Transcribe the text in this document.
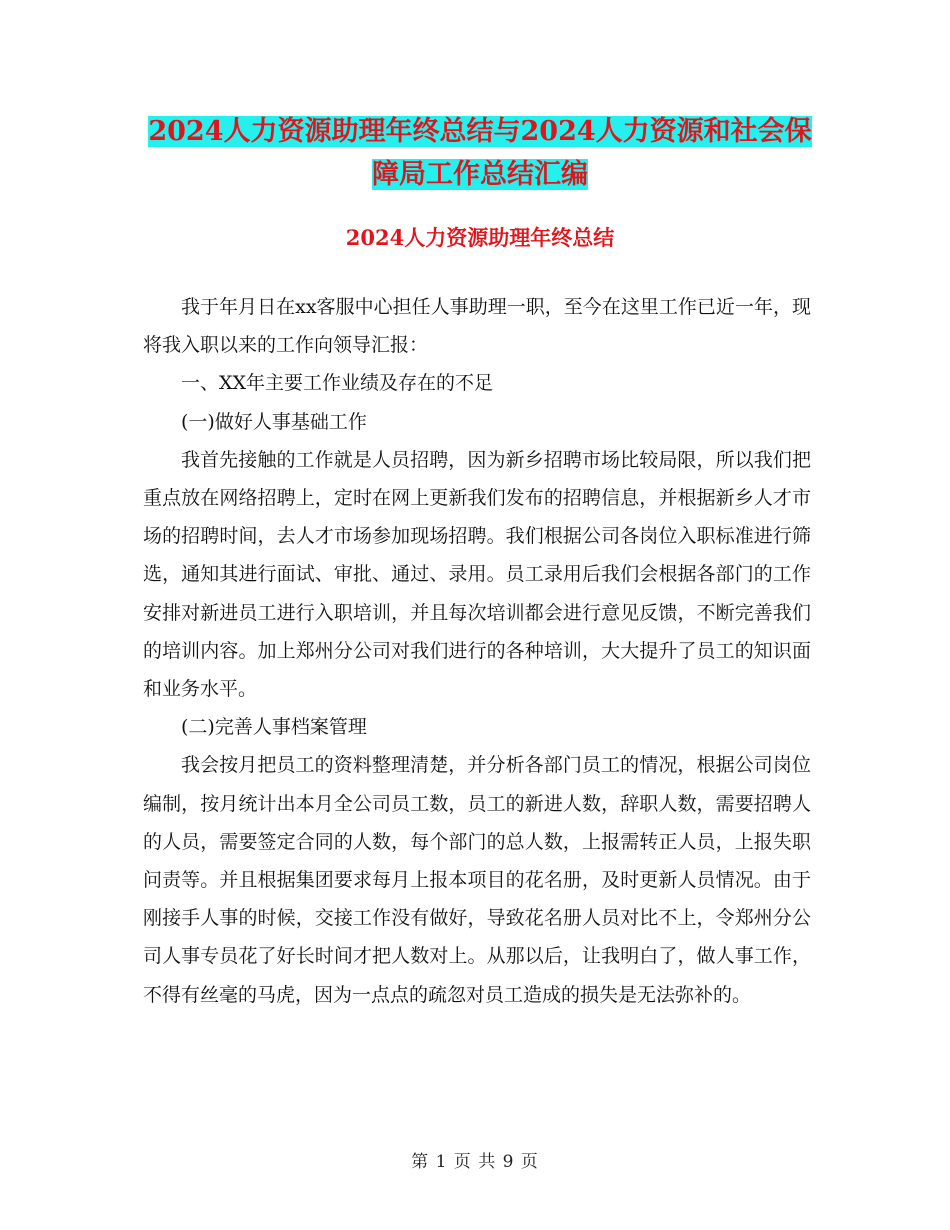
2024人力资源助理年终总结与2024人力资源和社会保
障局工作总结汇编
2024人力资源助理年终总结

我于年月日在xx客服中心担任人事助理一职，至今在这里工作已近一年，现将我入职以来的工作向领导汇报：

一、XX年主要工作业绩及存在的不足

(一)做好人事基础工作

我首先接触的工作就是人员招聘，因为新乡招聘市场比较局限，所以我们把重点放在网络招聘上，定时在网上更新我们发布的招聘信息，并根据新乡人才市场的招聘时间，去人才市场参加现场招聘。我们根据公司各岗位入职标准进行筛选，通知其进行面试、审批、通过、录用。员工录用后我们会根据各部门的工作安排对新进员工进行入职培训，并且每次培训都会进行意见反馈，不断完善我们的培训内容。加上郑州分公司对我们进行的各种培训，大大提升了员工的知识面和业务水平。

(二)完善人事档案管理

我会按月把员工的资料整理清楚，并分析各部门员工的情况，根据公司岗位编制，按月统计出本月全公司员工数，员工的新进人数，辞职人数，需要招聘人的人员，需要签定合同的人数，每个部门的总人数，上报需转正人员，上报失职问责等。并且根据集团要求每月上报本项目的花名册，及时更新人员情况。由于刚接手人事的时候，交接工作没有做好，导致花名册人员对比不上，令郑州分公司人事专员花了好长时间才把人数对上。从那以后，让我明白了，做人事工作，不得有丝毫的马虎，因为一点点的疏忽对员工造成的损失是无法弥补的。

第 1 页 共 9 页
